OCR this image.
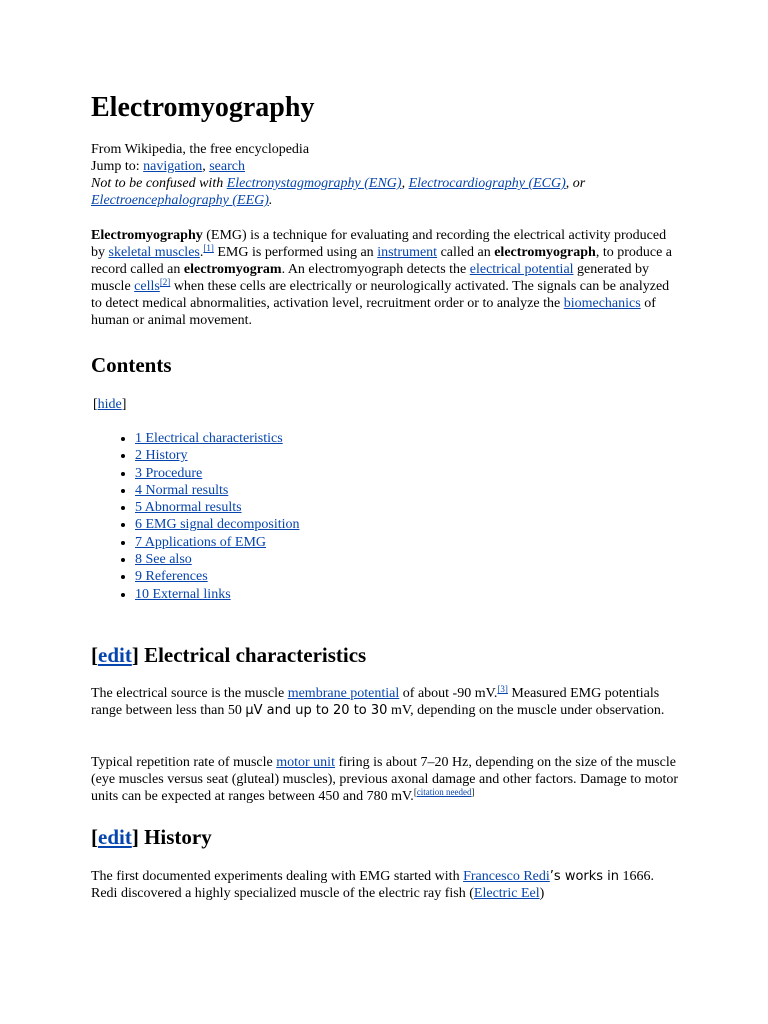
Electromyography
From Wikipedia, the free encyclopedia
Jump to: navigation, search
Not to be confused with Electronystagmography (ENG), Electrocardiography (ECG), or
Electroencephalography (EEG).

Electromyography (EMG) is a technique for evaluating and recording the electrical activity produced by skeletal muscles.[1] EMG is performed using an instrument called an electromyograph, to produce a record called an electromyogram. An electromyograph detects the electrical potential generated by muscle cells[2] when these cells are electrically or neurologically activated. The signals can be analyzed to detect medical abnormalities, activation level, recruitment order or to analyze the biomechanics of human or animal movement.

Contents
[hide]
• 1 Electrical characteristics
• 2 History
• 3 Procedure
• 4 Normal results
• 5 Abnormal results
• 6 EMG signal decomposition
• 7 Applications of EMG
• 8 See also
• 9 References
• 10 External links
[edit] Electrical characteristics

The electrical source is the muscle membrane potential of about -90 mV.[3] Measured EMG potentials range between less than 50 μV and up to 20 to 30 mV, depending on the muscle under observation.

Typical repetition rate of muscle motor unit firing is about 7–20 Hz, depending on the size of the muscle (eye muscles versus seat (gluteal) muscles), previous axonal damage and other factors. Damage to motor units can be expected at ranges between 450 and 780 mV.[citation needed]

[edit] History

The first documented experiments dealing with EMG started with Francesco Redi’s works in 1666. Redi discovered a highly specialized muscle of the electric ray fish (Electric Eel)
